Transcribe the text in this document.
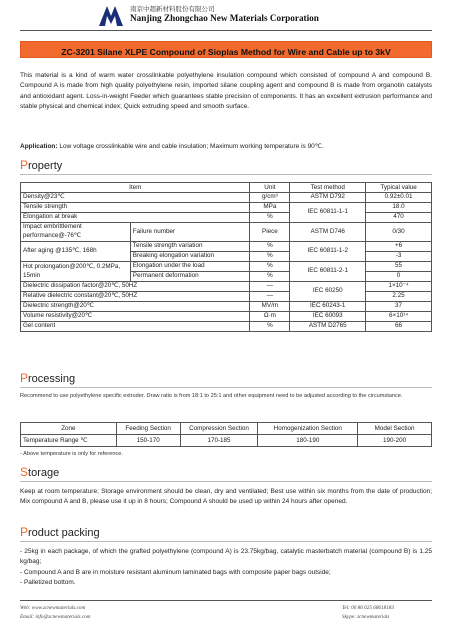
南京中超新材料股份有限公司
Nanjing Zhongchao New Materials Corporation
ZC-3201 Silane XLPE Compound of Sioplas Method for Wire and Cable up to 3kV
This material is a kind of warm water crosslinkable polyethylene insulation compound which consisted of compound A and compound B. Compound A is made from high quality polyethylene resin, imported silane coupling agent and compound B is made from organotin catalysts and antioxidant agent. Loss-in-weight Feeder which guarantees stable precision of components. It has an excellent extrusion performance and stable physical and chemical index; Quick extruding speed and smooth surface.
Application: Low voltage crosslinkable wire and cable insulation; Maximum working temperature is 90℃.
Property
Item		Unit	Test method	Typical value
Density@23℃		g/cm³	ASTM D792	0.92±0.01
Tensile strength		MPa	IEC 60811-1-1	18.0
Elongation at break		%		470
Impact embrittlement performance@-76℃	Failure number	Piece	ASTM D746	0/30
After aging @135℃, 168h	Tensile strength variation	%	IEC 60811-1-2	+6
	Breaking elongation variation	%		-3
Hot prolongation@200℃, 0.2MPa, 15min	Elongation under the load	%	IEC 60811-2-1	55
	Permanent deformation	%		0
Dielectric dissipation factor@20℃, 50HZ		—	IEC 60250	1×10⁻⁴
Relative dielectric constant@20℃, 50HZ		—		2.25
Dielectric strength@20℃		MV/m	IEC 60243-1	37
Volume resistivity@20℃		Ω·m	IEC 60093	6×10¹⁴
Gel content		%	ASTM D2765	66
Processing
Recommend to use polyethylene specific extruder. Draw ratio is from 18:1 to 25:1 and other equipment need to be adjusted according to the circumstance.
Zone	Feeding Section	Compression Section	Homogenization Section	Model Section
Temperature Range ℃	150-170	170-185	180-190	190-200
- Above temperature is only for reference.
Storage
Keep at room temperature; Storage environment should be clean, dry and ventilated; Best use within six months from the date of production; Mix compound A and B, please use it up in 8 hours; Compound A should be used up within 24 hours after opened.
Product packing
- 25kg in each package, of which the grafted polyethylene (compound A) is 23.75kg/bag, catalytic masterbatch material (compound B) is 1.25 kg/bag;
- Compound A and B are in moisture resistant aluminum laminated bags with composite paper bags outside;
- Palletized bottom.
Web: www.zcnewmaterials.com
Email: info@zcnewmaterials.com
Tel: 00 86 025 68618183
Skype: zcnewmaterials
